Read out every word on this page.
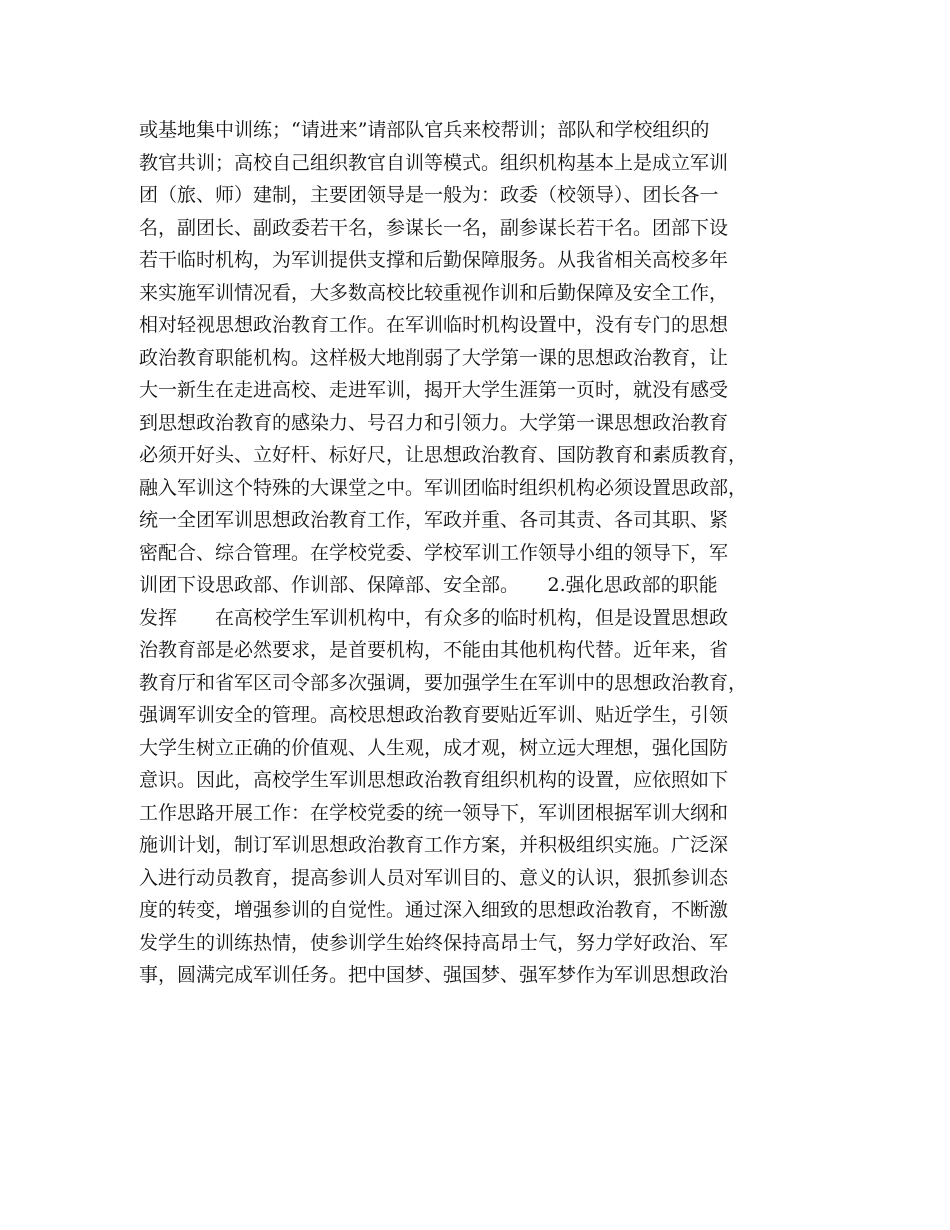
或基地集中训练；“请进来”请部队官兵来校帮训；部队和学校组织的
教官共训；高校自己组织教官自训等模式。组织机构基本上是成立军训
团（旅、师）建制，主要团领导是一般为：政委（校领导）、团长各一
名，副团长、副政委若干名，参谋长一名，副参谋长若干名。团部下设
若干临时机构，为军训提供支撑和后勤保障服务。从我省相关高校多年
来实施军训情况看，大多数高校比较重视作训和后勤保障及安全工作，
相对轻视思想政治教育工作。在军训临时机构设置中，没有专门的思想
政治教育职能机构。这样极大地削弱了大学第一课的思想政治教育，让
大一新生在走进高校、走进军训，揭开大学生涯第一页时，就没有感受
到思想政治教育的感染力、号召力和引领力。大学第一课思想政治教育
必须开好头、立好杆、标好尺，让思想政治教育、国防教育和素质教育，
融入军训这个特殊的大课堂之中。军训团临时组织机构必须设置思政部，
统一全团军训思想政治教育工作，军政并重、各司其责、各司其职、紧
密配合、综合管理。在学校党委、学校军训工作领导小组的领导下，军
训团下设思政部、作训部、保障部、安全部。　　2.强化思政部的职能
发挥　　在高校学生军训机构中，有众多的临时机构，但是设置思想政
治教育部是必然要求，是首要机构，不能由其他机构代替。近年来，省
教育厅和省军区司令部多次强调，要加强学生在军训中的思想政治教育，
强调军训安全的管理。高校思想政治教育要贴近军训、贴近学生，引领
大学生树立正确的价值观、人生观，成才观，树立远大理想，强化国防
意识。因此，高校学生军训思想政治教育组织机构的设置，应依照如下
工作思路开展工作：在学校党委的统一领导下，军训团根据军训大纲和
施训计划，制订军训思想政治教育工作方案，并积极组织实施。广泛深
入进行动员教育，提高参训人员对军训目的、意义的认识，狠抓参训态
度的转变，增强参训的自觉性。通过深入细致的思想政治教育，不断激
发学生的训练热情，使参训学生始终保持高昂士气，努力学好政治、军
事，圆满完成军训任务。把中国梦、强国梦、强军梦作为军训思想政治
